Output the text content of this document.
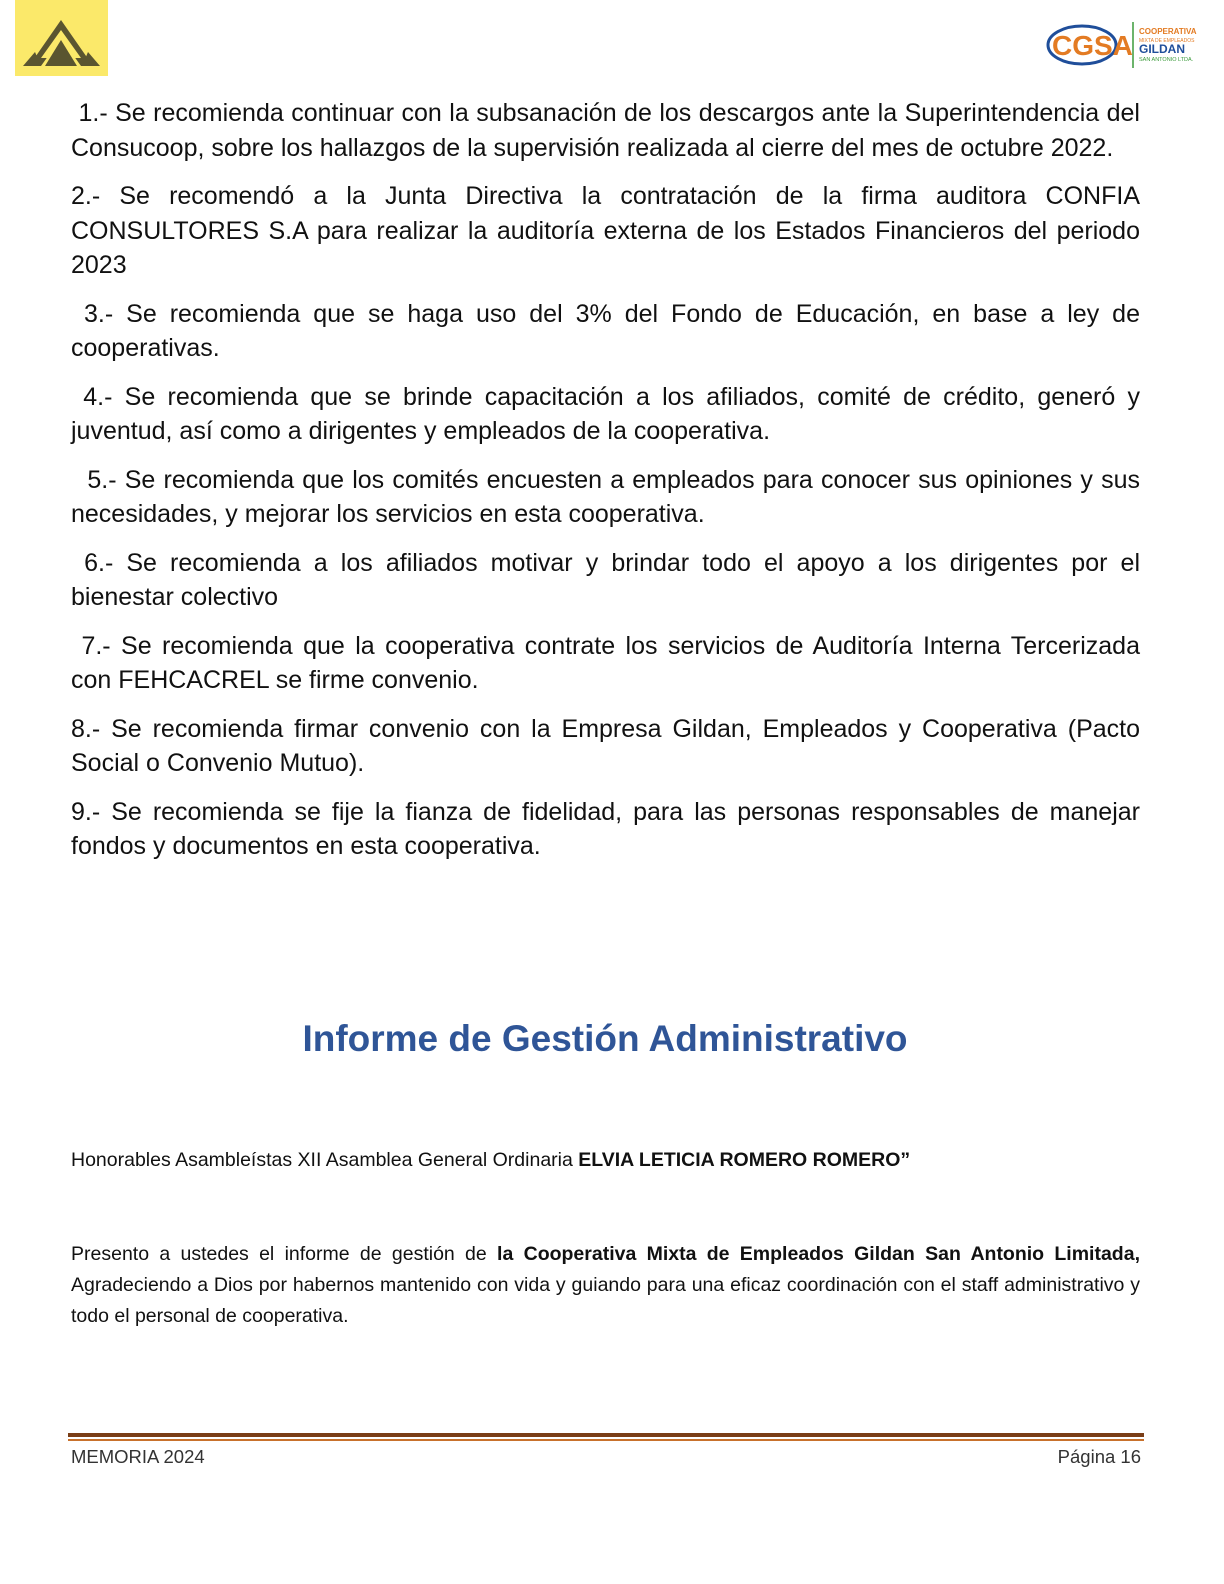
CGSA COOPERATIVA
MIXTA DE EMPLEADOS
GILDAN
SAN ANTONIO LTDA.

1.- Se recomienda continuar con la subsanación de los descargos ante la Superintendencia del Consucoop, sobre los hallazgos de la supervisión realizada al cierre del mes de octubre 2022.

2.- Se recomendó a la Junta Directiva la contratación de la firma auditora CONFIA CONSULTORES S.A para realizar la auditoría externa de los Estados Financieros del periodo 2023

3.- Se recomienda que se haga uso del 3% del Fondo de Educación, en base a ley de cooperativas.

4.- Se recomienda que se brinde capacitación a los afiliados, comité de crédito, generó y juventud, así como a dirigentes y empleados de la cooperativa.

5.- Se recomienda que los comités encuesten a empleados para conocer sus opiniones y sus necesidades, y mejorar los servicios en esta cooperativa.

6.- Se recomienda a los afiliados motivar y brindar todo el apoyo a los dirigentes por el bienestar colectivo

7.- Se recomienda que la cooperativa contrate los servicios de Auditoría Interna Tercerizada con FEHCACREL se firme convenio.

8.- Se recomienda firmar convenio con la Empresa Gildan, Empleados y Cooperativa (Pacto Social o Convenio Mutuo).

9.- Se recomienda se fije la fianza de fidelidad, para las personas responsables de manejar fondos y documentos en esta cooperativa.

Informe de Gestión Administrativo

Honorables Asambleístas XII Asamblea General Ordinaria ELVIA LETICIA ROMERO ROMERO”

Presento a ustedes el informe de gestión de la Cooperativa Mixta de Empleados Gildan San Antonio Limitada, Agradeciendo a Dios por habernos mantenido con vida y guiando para una eficaz coordinación con el staff administrativo y todo el personal de cooperativa.

MEMORIA 2024	Página 16
